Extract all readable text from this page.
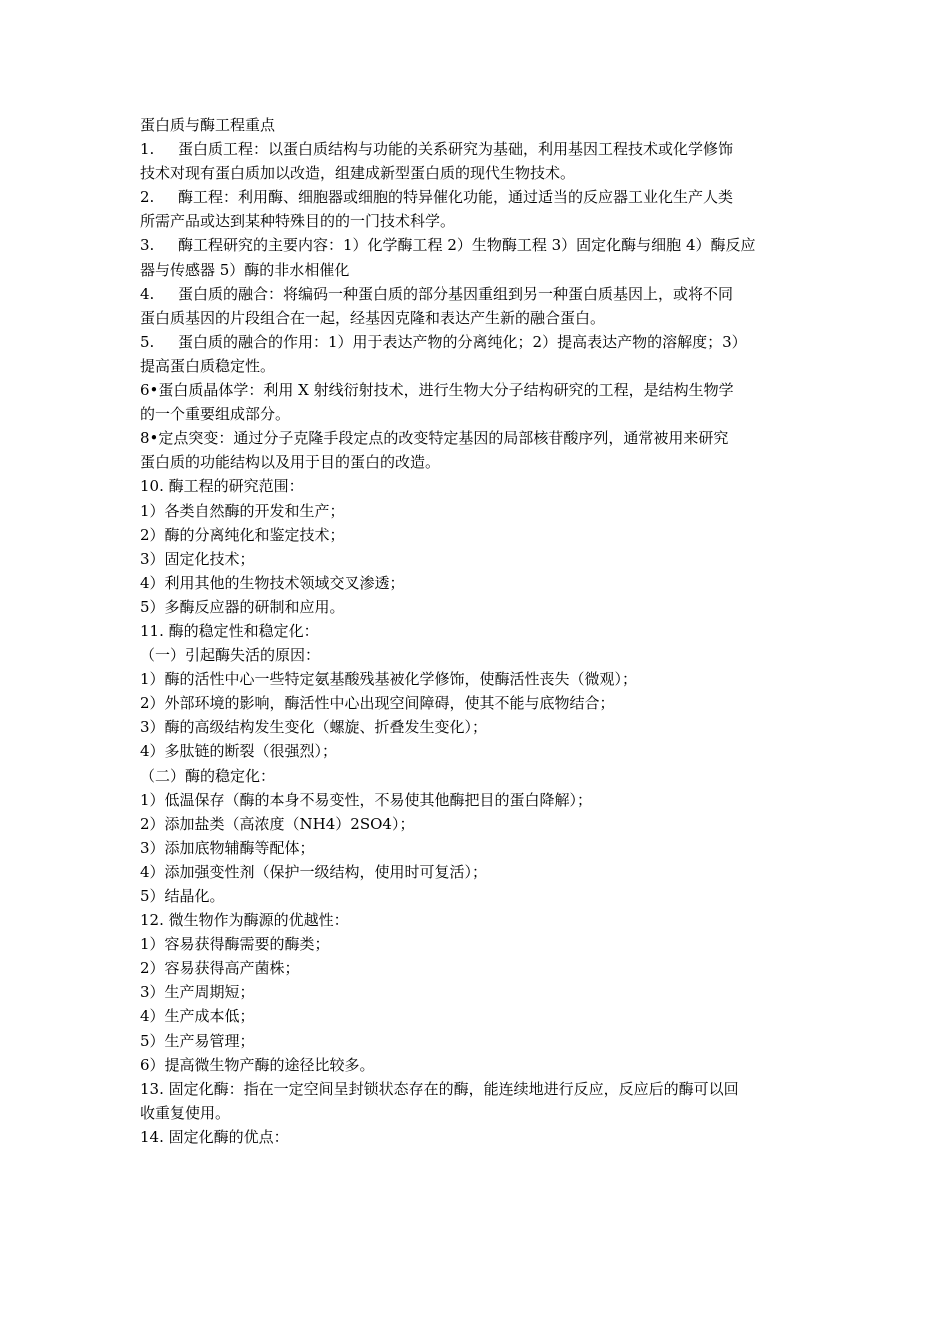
蛋白质与酶工程重点
1. 蛋白质工程：以蛋白质结构与功能的关系研究为基础，利用基因工程技术或化学修饰
技术对现有蛋白质加以改造，组建成新型蛋白质的现代生物技术。
2. 酶工程：利用酶、细胞器或细胞的特异催化功能，通过适当的反应器工业化生产人类
所需产品或达到某种特殊目的的一门技术科学。
3. 酶工程研究的主要内容：1）化学酶工程 2）生物酶工程 3）固定化酶与细胞 4）酶反应
器与传感器 5）酶的非水相催化
4. 蛋白质的融合：将编码一种蛋白质的部分基因重组到另一种蛋白质基因上，或将不同
蛋白质基因的片段组合在一起，经基因克隆和表达产生新的融合蛋白。
5. 蛋白质的融合的作用：1）用于表达产物的分离纯化；2）提高表达产物的溶解度；3）
提高蛋白质稳定性。
6•蛋白质晶体学：利用 X 射线衍射技术，进行生物大分子结构研究的工程，是结构生物学
的一个重要组成部分。
8•定点突变：通过分子克隆手段定点的改变特定基因的局部核苷酸序列，通常被用来研究
蛋白质的功能结构以及用于目的蛋白的改造。
10. 酶工程的研究范围：
1）各类自然酶的开发和生产；
2）酶的分离纯化和鉴定技术；
3）固定化技术；
4）利用其他的生物技术领域交叉渗透；
5）多酶反应器的研制和应用。
11. 酶的稳定性和稳定化：
（一）引起酶失活的原因：
1）酶的活性中心一些特定氨基酸残基被化学修饰，使酶活性丧失（微观）；
2）外部环境的影响，酶活性中心出现空间障碍，使其不能与底物结合；
3）酶的高级结构发生变化（螺旋、折叠发生变化）；
4）多肽链的断裂（很强烈）；
（二）酶的稳定化：
1）低温保存（酶的本身不易变性，不易使其他酶把目的蛋白降解）；
2）添加盐类（高浓度（NH4）2SO4）；
3）添加底物辅酶等配体；
4）添加强变性剂（保护一级结构，使用时可复活）；
5）结晶化。
12. 微生物作为酶源的优越性：
1）容易获得酶需要的酶类；
2）容易获得高产菌株；
3）生产周期短；
4）生产成本低；
5）生产易管理；
6）提高微生物产酶的途径比较多。
13. 固定化酶：指在一定空间呈封锁状态存在的酶，能连续地进行反应，反应后的酶可以回
收重复使用。
14. 固定化酶的优点：
